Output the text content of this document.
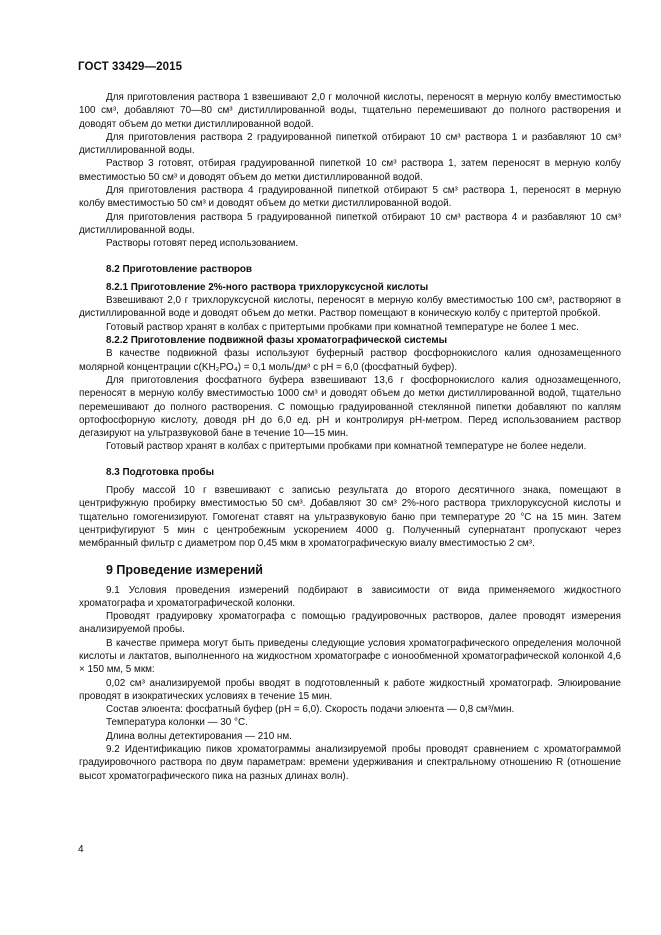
ГОСТ 33429—2015

Для приготовления раствора 1 взвешивают 2,0 г молочной кислоты, переносят в мерную колбу вместимостью 100 см³, добавляют 70—80 см³ дистиллированной воды, тщательно перемешивают до полного растворения и доводят объем до метки дистиллированной водой.

Для приготовления раствора 2 градуированной пипеткой отбирают 10 см³ раствора 1 и разбавляют 10 см³ дистиллированной воды.

Раствор 3 готовят, отбирая градуированной пипеткой 10 см³ раствора 1, затем переносят в мерную колбу вместимостью 50 см³ и доводят объем до метки дистиллированной водой.

Для приготовления раствора 4 градуированной пипеткой отбирают 5 см³ раствора 1, переносят в мерную колбу вместимостью 50 см³ и доводят объем до метки дистиллированной водой.

Для приготовления раствора 5 градуированной пипеткой отбирают 10 см³ раствора 4 и разбавляют 10 см³ дистиллированной воды.

Растворы готовят перед использованием.

8.2 Приготовление растворов
8.2.1 Приготовление 2%-ного раствора трихлоруксусной кислоты

Взвешивают 2,0 г трихлоруксусной кислоты, переносят в мерную колбу вместимостью 100 см³, растворяют в дистиллированной воде и доводят объем до метки. Раствор помещают в коническую колбу с притертой пробкой.

Готовый раствор хранят в колбах с притертыми пробками при комнатной температуре не более 1 мес.

8.2.2 Приготовление подвижной фазы хроматографической системы

В качестве подвижной фазы используют буферный раствор фосфорнокислого калия однозамещенного молярной концентрации с(KH₂PO₄) = 0,1 моль/дм³ с pH = 6,0 (фосфатный буфер).

Для приготовления фосфатного буфера взвешивают 13,6 г фосфорнокислого калия однозамещенного, переносят в мерную колбу вместимостью 1000 см³ и доводят объем до метки дистиллированной водой, тщательно перемешивают до полного растворения. С помощью градуированной стеклянной пипетки добавляют по каплям ортофосфорную кислоту, доводя pH до 6,0 ед. pH и контролируя pH-метром. Перед использованием раствор дегазируют на ультразвуковой бане в течение 10—15 мин.

Готовый раствор хранят в колбах с притертыми пробками при комнатной температуре не более недели.

8.3 Подготовка пробы

Пробу массой 10 г взвешивают с записью результата до второго десятичного знака, помещают в центрифужную пробирку вместимостью 50 см³. Добавляют 30 см³ 2%-ного раствора трихлоруксусной кислоты и тщательно гомогенизируют. Гомогенат ставят на ультразвуковую баню при температуре 20 °С на 15 мин. Затем центрифугируют 5 мин с центробежным ускорением 4000 g. Полученный супернатант пропускают через мембранный фильтр с диаметром пор 0,45 мкм в хроматографическую виалу вместимостью 2 см³.

9 Проведение измерений

9.1 Условия проведения измерений подбирают в зависимости от вида применяемого жидкостного хроматографа и хроматографической колонки.

Проводят градуировку хроматографа с помощью градуировочных растворов, далее проводят измерения анализируемой пробы.

В качестве примера могут быть приведены следующие условия хроматографического определения молочной кислоты и лактатов, выполненного на жидкостном хроматографе с ионообменной хроматографической колонкой 4,6 × 150 мм, 5 мкм:

0,02 см³ анализируемой пробы вводят в подготовленный к работе жидкостный хроматограф. Элюирование проводят в изократических условиях в течение 15 мин.

Состав элюента: фосфатный буфер (pH = 6,0). Скорость подачи элюента — 0,8 см³/мин.

Температура колонки — 30 °С.

Длина волны детектирования — 210 нм.

9.2 Идентификацию пиков хроматограммы анализируемой пробы проводят сравнением с хроматограммой градуировочного раствора по двум параметрам: времени удерживания и спектральному отношению R (отношение высот хроматографического пика на разных длинах волн).

4
